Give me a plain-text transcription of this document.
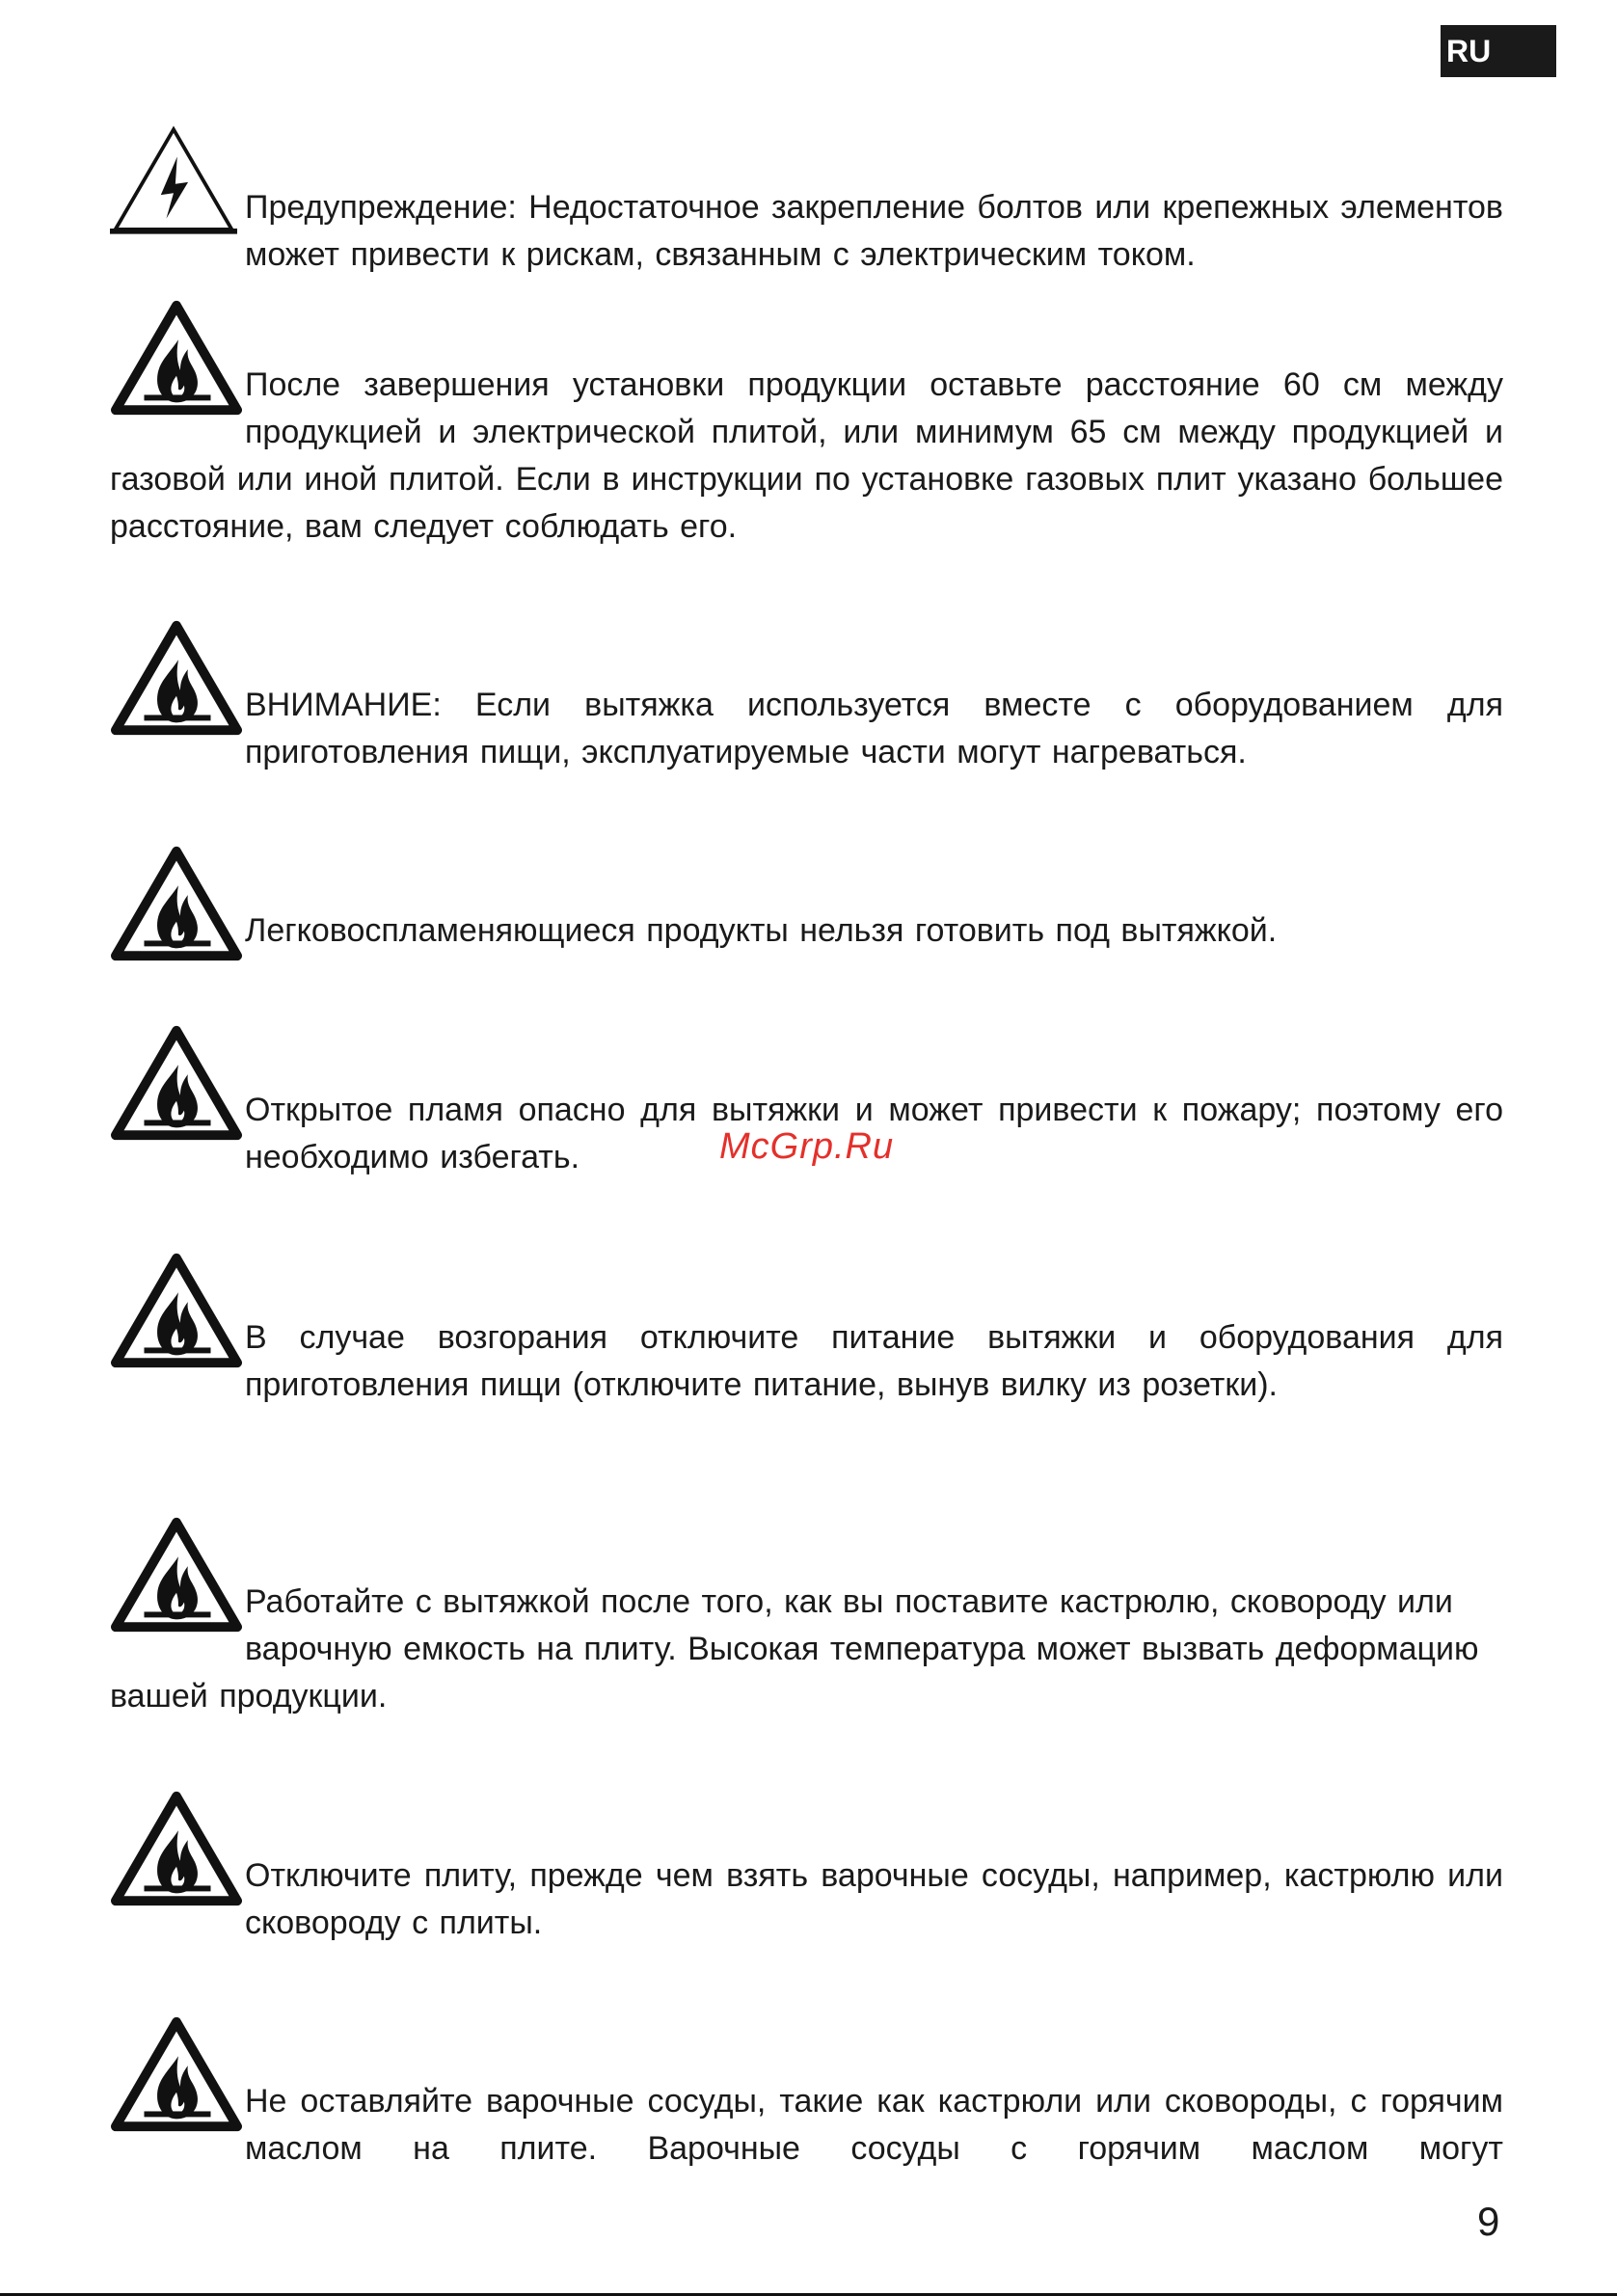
RU

Предупреждение: Недостаточное закрепление болтов или крепежных элементов может привести к рискам, связанным с электрическим током.

После завершения установки продукции оставьте расстояние 60 см между продукцией и электрической плитой, или минимум 65 см между продукцией и газовой или иной плитой. Если в инструкции по установке газовых плит указано большее расстояние, вам следует соблюдать его.

ВНИМАНИЕ: Если вытяжка используется вместе с оборудованием для приготовления пищи, эксплуатируемые части могут нагреваться.

Легковоспламеняющиеся продукты нельзя готовить под вытяжкой.

Открытое пламя опасно для вытяжки и может привести к пожару; поэтому его необходимо избегать.

В случае возгорания отключите питание вытяжки и оборудования для приготовления пищи (отключите питание, вынув вилку из розетки).

Работайте с вытяжкой после того, как вы поставите кастрюлю, сковороду или варочную емкость на плиту. Высокая температура может вызвать деформацию вашей продукции.

Отключите плиту, прежде чем взять варочные сосуды, например, кастрюлю или сковороду с плиты.

Не оставляйте варочные сосуды, такие как кастрюли или сковороды, с горячим маслом на плите. Варочные сосуды с горячим маслом могут

McGrp.Ru
9
